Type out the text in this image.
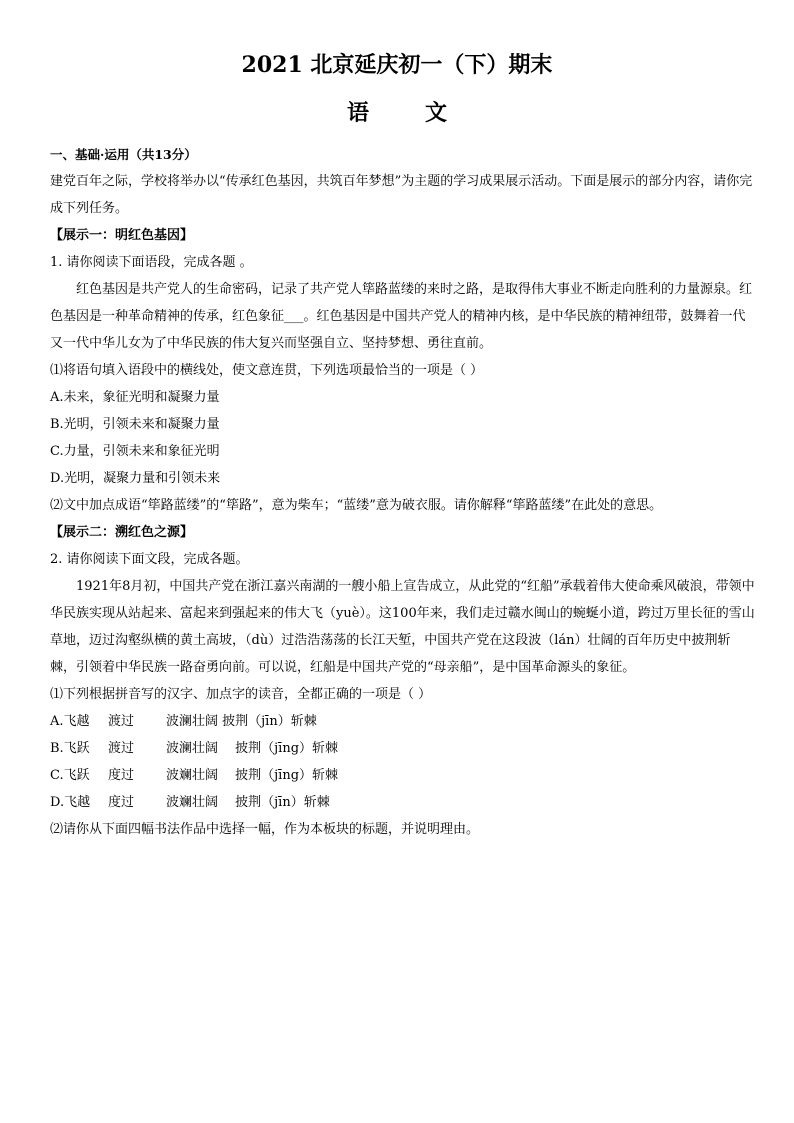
2021 北京延庆初一（下）期末
语	文

一、基础·运用（共13分）

建党百年之际，学校将举办以“传承红色基因，共筑百年梦想”为主题的学习成果展示活动。下面是展示的部分内容，请你完成下列任务。

【展示一：明红色基因】

1. 请你阅读下面语段，完成各题 。

红色基因是共产党人的生命密码，记录了共产党人筚路蓝缕的来时之路，是取得伟大事业不断走向胜利的力量源泉。红色基因是一种革命精神的传承，红色象征___。红色基因是中国共产党人的精神内核，是中华民族的精神纽带，鼓舞着一代又一代中华儿女为了中华民族的伟大复兴而坚强自立、坚持梦想、勇往直前。

⑴将语句填入语段中的横线处，使文意连贯，下列选项最恰当的一项是（ ）

A.未来，象征光明和凝聚力量

B.光明，引领未来和凝聚力量

C.力量，引领未来和象征光明

D.光明，凝聚力量和引领未来

⑵文中加点成语“筚路蓝缕”的“筚路”，意为柴车；“蓝缕”意为破衣服。请你解释“筚路蓝缕”在此处的意思。

【展示二：溯红色之源】

2. 请你阅读下面文段，完成各题。

1921年8月初，中国共产党在浙江嘉兴南湖的一艘小船上宣告成立，从此党的“红船”承载着伟大使命乘风破浪，带领中华民族实现从站起来、富起来到强起来的伟大飞（yuè）。这100年来，我们走过赣水闽山的蜿蜒小道，跨过万里长征的雪山草地，迈过沟壑纵横的黄土高坡，（dù）过浩浩荡荡的长江天堑，中国共产党在这段波（lán）壮阔的百年历史中披荆斩棘，引领着中华民族一路奋勇向前。可以说，红船是中国共产党的“母亲船”，是中国革命源头的象征。

⑴下列根据拼音写的汉字、加点字的读音，全都正确的一项是（ ）

A.飞越 渡过 波澜壮阔 披荆（jīn）斩棘

B.飞跃 渡过 波澜壮阔 　披荆（jīng）斩棘

C.飞跃 度过 波斓壮阔 　披荆（jīng）斩棘

D.飞越 度过 波斓壮阔 　披荆（jīn）斩棘

⑵请你从下面四幅书法作品中选择一幅，作为本板块的标题，并说明理由。
